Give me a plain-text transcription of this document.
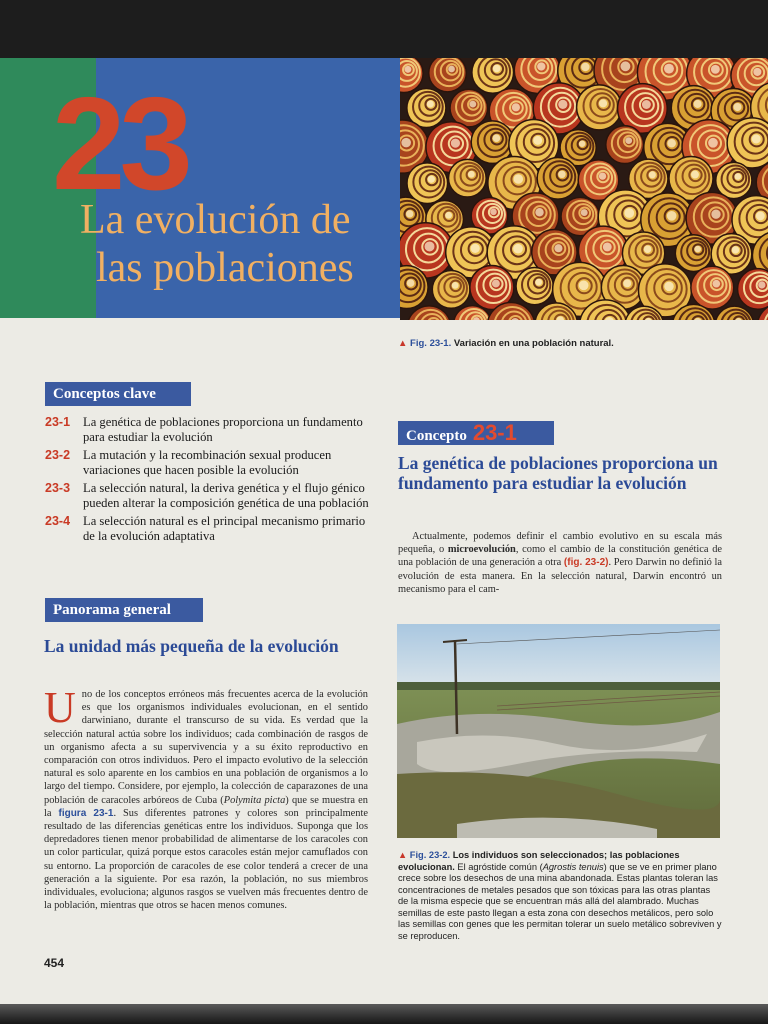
23
La evolución de
las poblaciones
▲ Fig. 23-1. Variación en una población natural.
Conceptos clave
23-1	La genética de poblaciones proporciona un fundamento para estudiar la evolución
23-2	La mutación y la recombinación sexual producen variaciones que hacen posible la evolución
23-3	La selección natural, la deriva genética y el flujo génico pueden alterar la composición genética de una población
23-4	La selección natural es el principal mecanismo primario de la evolución adaptativa
Panorama general
La unidad más pequeña de la evolución
Uno de los conceptos erróneos más frecuentes acerca de la evolución es que los organismos individuales evolucionan, en el sentido darwiniano, durante el transcurso de su vida. Es verdad que la selección natural actúa sobre los individuos; cada combinación de rasgos de un organismo afecta a su supervivencia y a su éxito reproductivo en comparación con otros individuos. Pero el impacto evolutivo de la selección natural es solo aparente en los cambios en una población de organismos a lo largo del tiempo. Considere, por ejemplo, la colección de caparazones de una población de caracoles arbóreos de Cuba (Polymita picta) que se muestra en la figura 23-1. Sus diferentes patrones y colores son principalmente resultado de las diferencias genéticas entre los individuos. Suponga que los depredadores tienen menor probabilidad de alimentarse de los caracoles con un color particular, quizá porque estos caracoles están mejor camuflados con su entorno. La proporción de caracoles de ese color tenderá a crecer de una generación a la siguiente. Por esa razón, la población, no sus miembros individuales, evoluciona; algunos rasgos se vuelven más frecuentes dentro de la población, mientras que otros se hacen menos comunes.
Concepto 23-1
La genética de poblaciones proporciona un fundamento para estudiar la evolución
Actualmente, podemos definir el cambio evolutivo en su escala más pequeña, o microevolución, como el cambio de la constitución genética de una población de una generación a otra (fig. 23-2). Pero Darwin no definió la evolución de esta manera. En la selección natural, Darwin encontró un mecanismo para el cam-
▲ Fig. 23-2. Los individuos son seleccionados; las poblaciones evolucionan. El agróstide común (Agrostis tenuis) que se ve en primer plano crece sobre los desechos de una mina abandonada. Estas plantas toleran las concentraciones de metales pesados que son tóxicas para las otras plantas de la misma especie que se encuentran más allá del alambrado. Muchas semillas de este pasto llegan a esta zona con desechos metálicos, pero solo las semillas con genes que les permitan tolerar un suelo metálico sobreviven y se reproducen.
454
